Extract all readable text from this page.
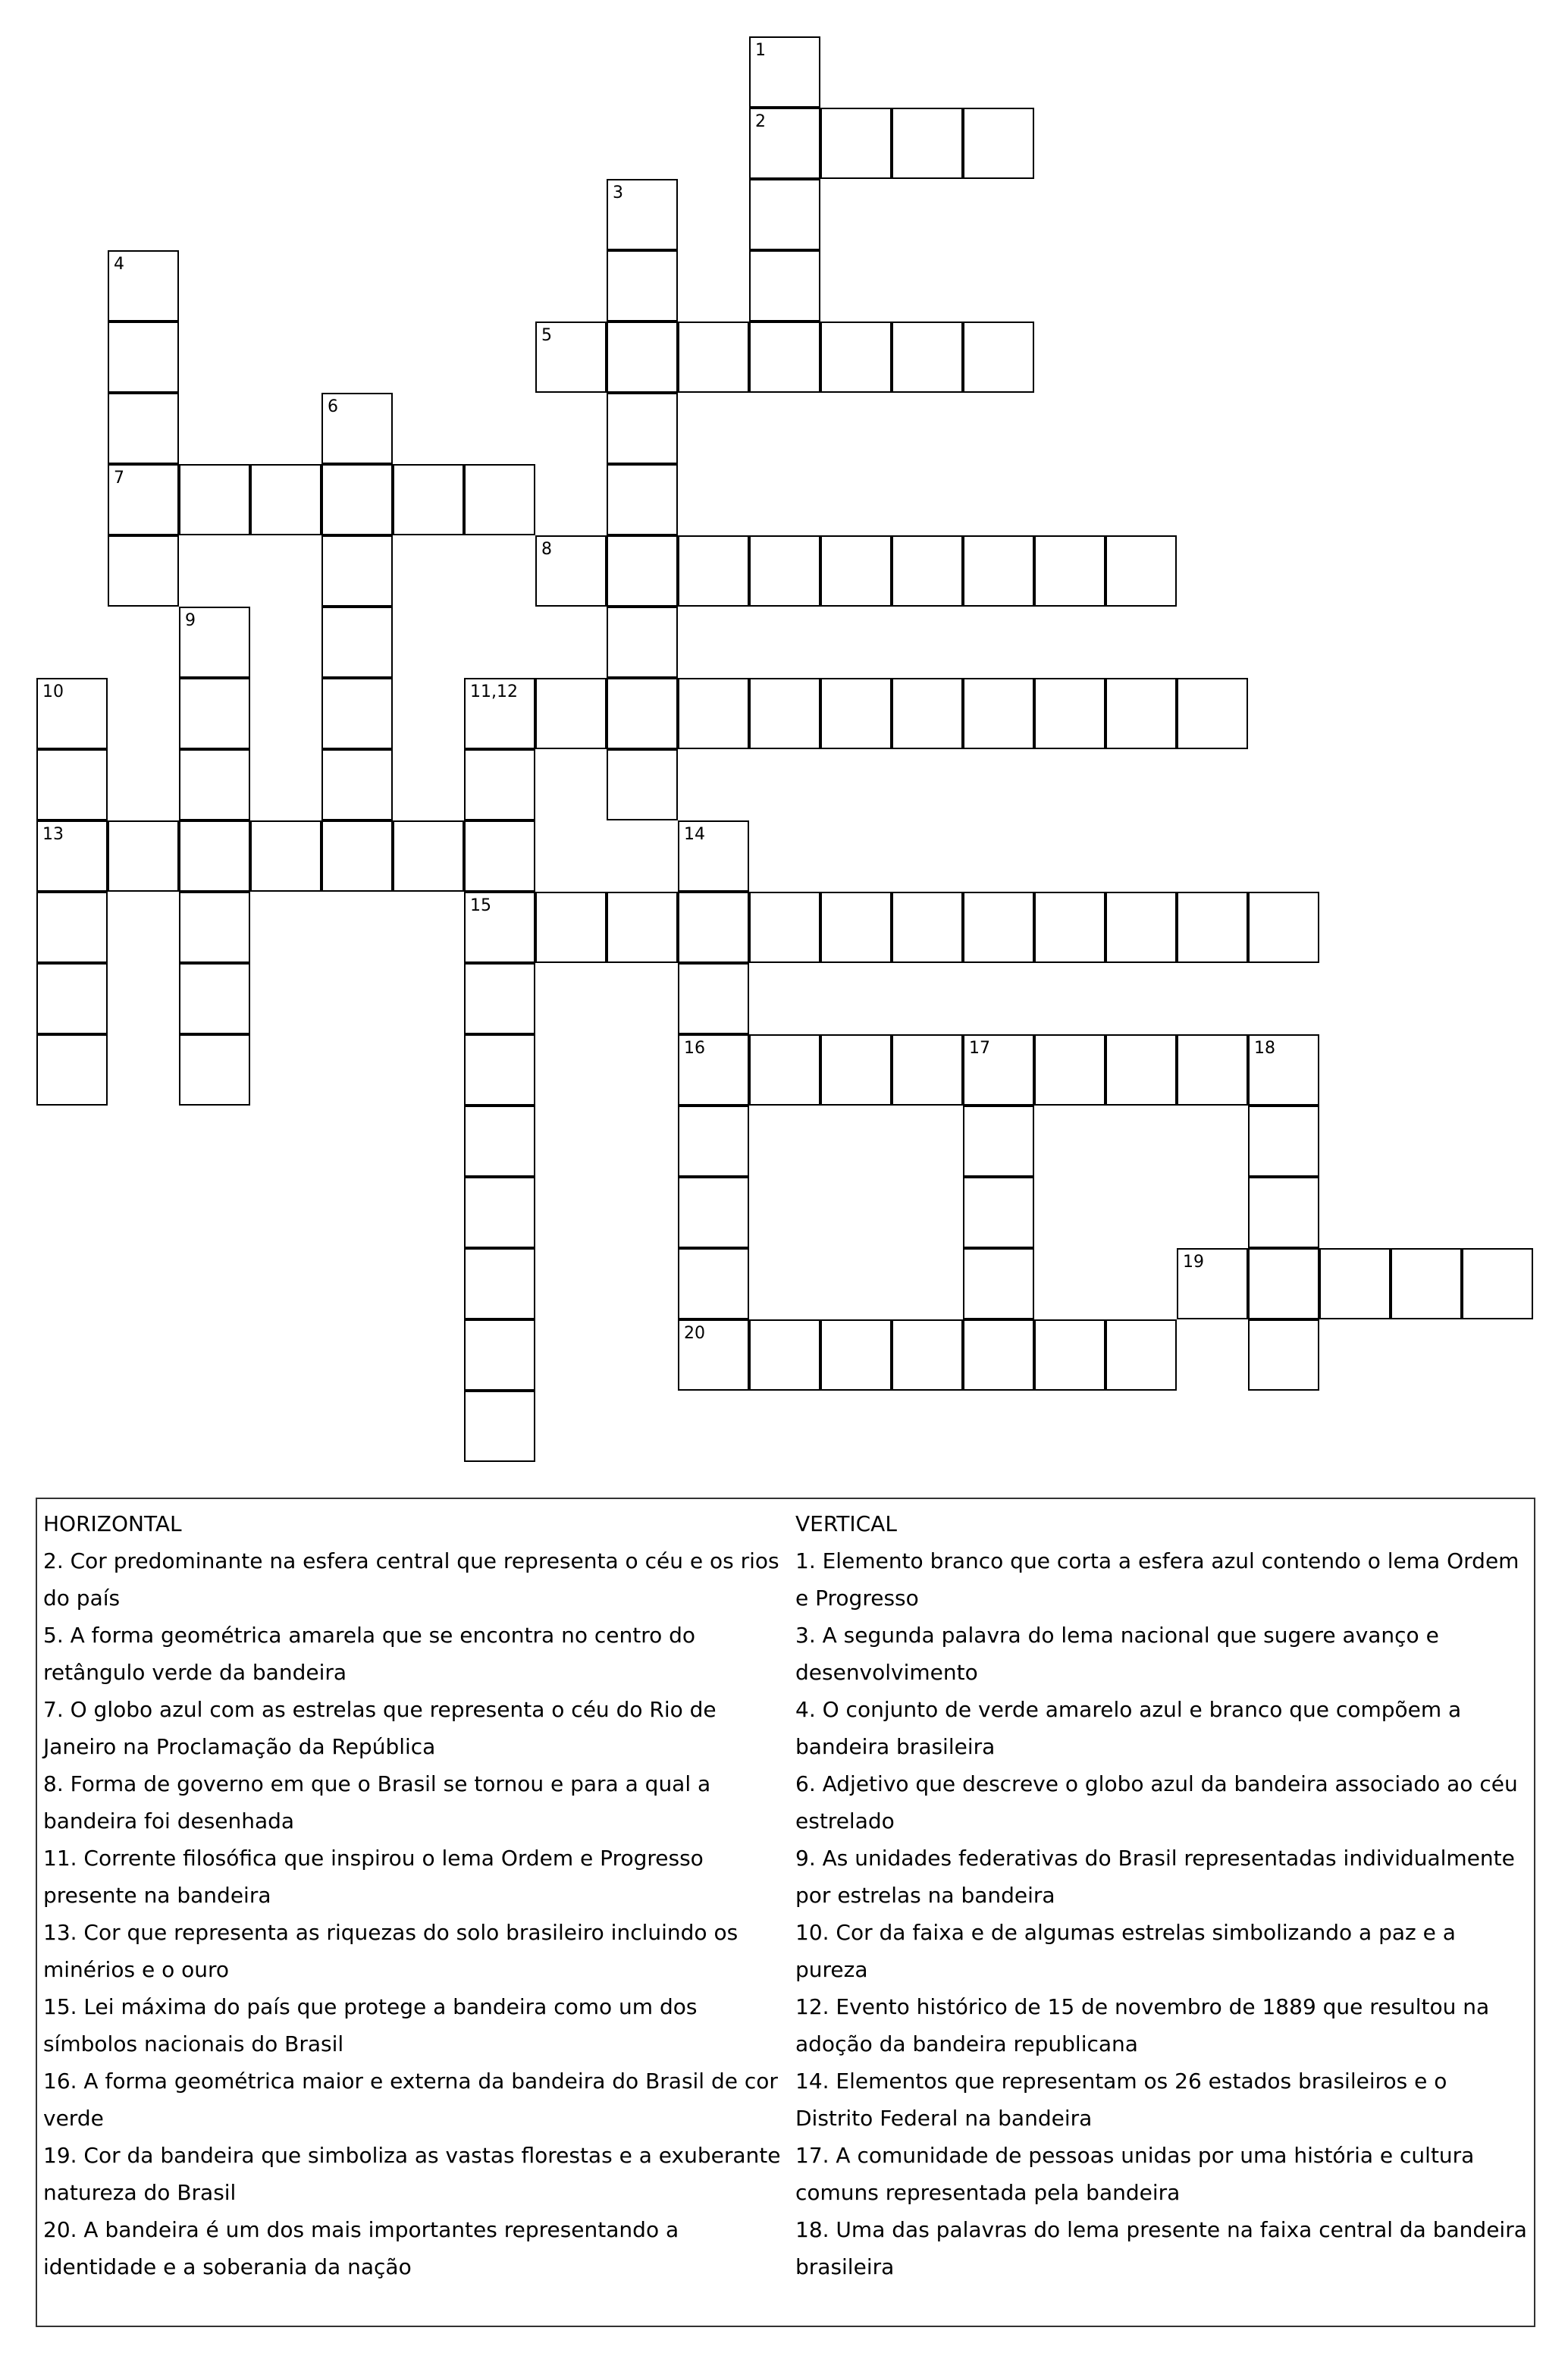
1
2
3
4
5
6
7
8
9
10	11,12
13	14
15
16	17	18
19
20
HORIZONTAL
2. Cor predominante na esfera central que representa o céu e os rios do país
5. A forma geométrica amarela que se encontra no centro do retângulo verde da bandeira
7. O globo azul com as estrelas que representa o céu do Rio de Janeiro na Proclamação da República
8. Forma de governo em que o Brasil se tornou e para a qual a bandeira foi desenhada
11. Corrente filosófica que inspirou o lema Ordem e Progresso presente na bandeira
13. Cor que representa as riquezas do solo brasileiro incluindo os minérios e o ouro
15. Lei máxima do país que protege a bandeira como um dos símbolos nacionais do Brasil
16. A forma geométrica maior e externa da bandeira do Brasil de cor verde
19. Cor da bandeira que simboliza as vastas florestas e a exuberante natureza do Brasil
20. A bandeira é um dos mais importantes representando a identidade e a soberania da nação
VERTICAL
1. Elemento branco que corta a esfera azul contendo o lema Ordem e Progresso
3. A segunda palavra do lema nacional que sugere avanço e desenvolvimento
4. O conjunto de verde amarelo azul e branco que compõem a bandeira brasileira
6. Adjetivo que descreve o globo azul da bandeira associado ao céu estrelado
9. As unidades federativas do Brasil representadas individualmente por estrelas na bandeira
10. Cor da faixa e de algumas estrelas simbolizando a paz e a pureza
12. Evento histórico de 15 de novembro de 1889 que resultou na adoção da bandeira republicana
14. Elementos que representam os 26 estados brasileiros e o Distrito Federal na bandeira
17. A comunidade de pessoas unidas por uma história e cultura comuns representada pela bandeira
18. Uma das palavras do lema presente na faixa central da bandeira brasileira
